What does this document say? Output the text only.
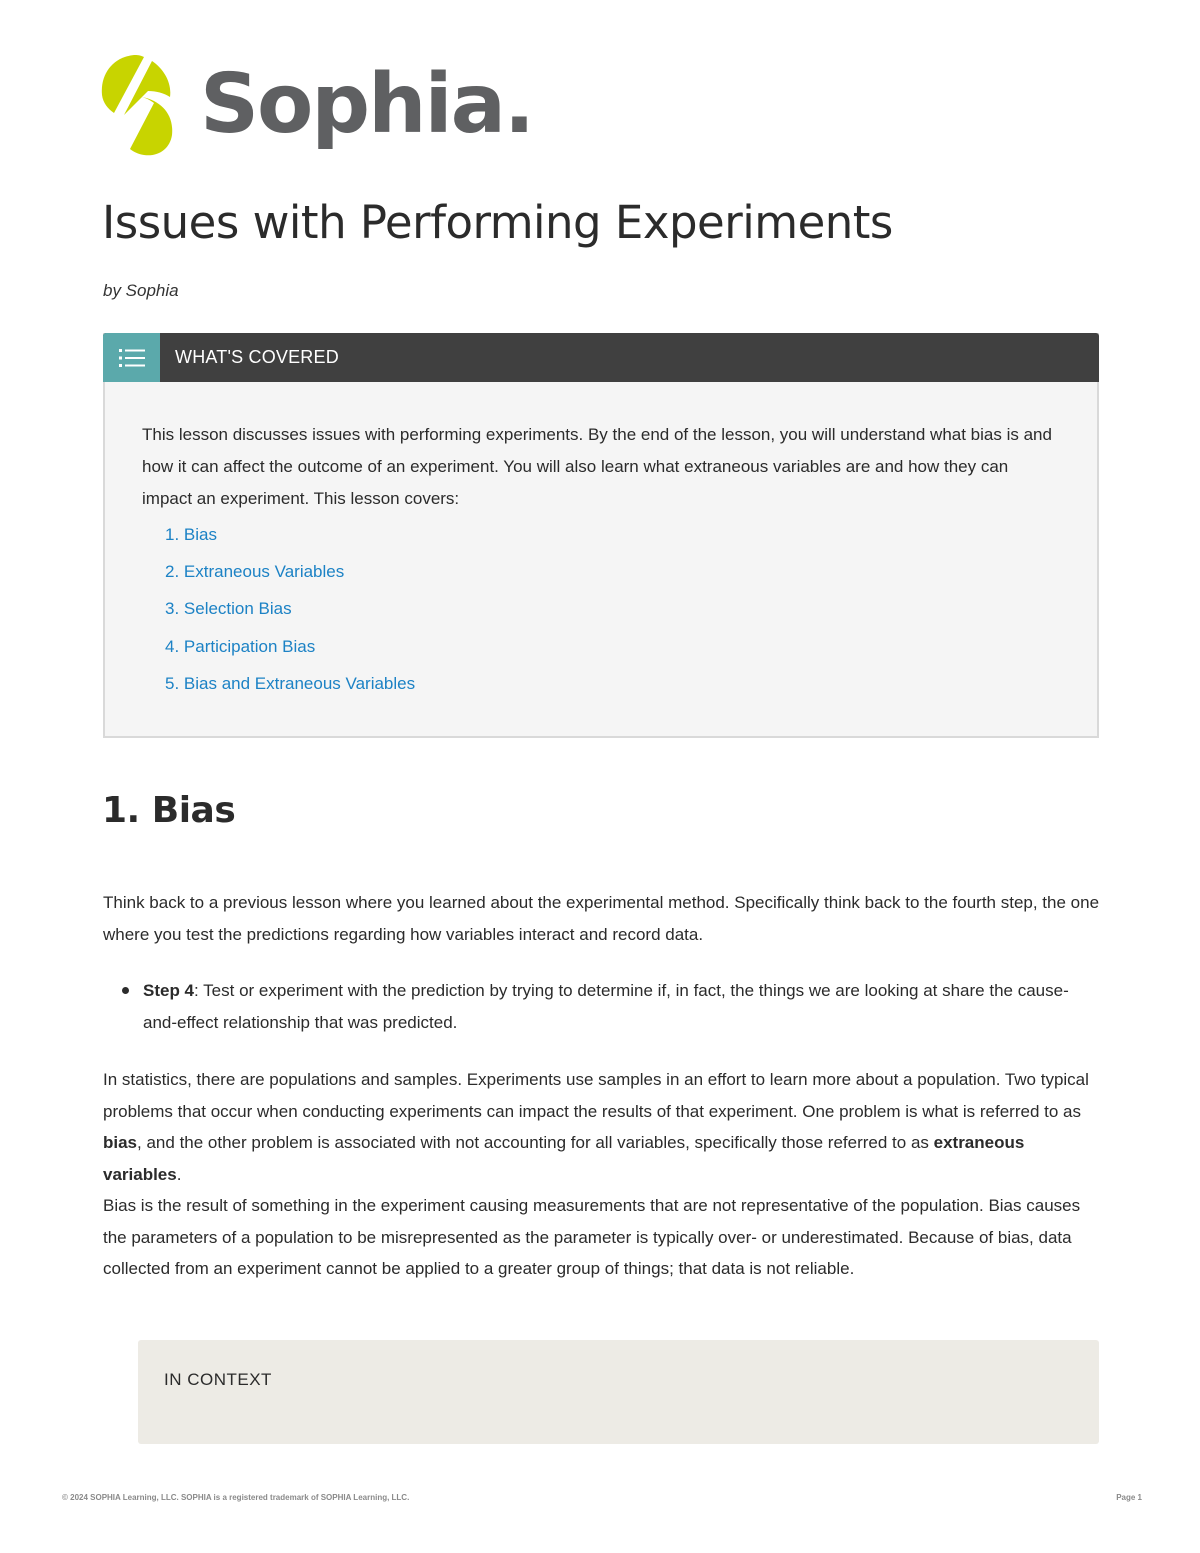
Sophia.
Issues with Performing Experiments

by Sophia

WHAT'S COVERED

This lesson discusses issues with performing experiments. By the end of the lesson, you will understand what bias is and how it can affect the outcome of an experiment. You will also learn what extraneous variables are and how they can impact an experiment. This lesson covers:

1. Bias
2. Extraneous Variables
3. Selection Bias
4. Participation Bias
5. Bias and Extraneous Variables
1. Bias

Think back to a previous lesson where you learned about the experimental method. Specifically think back to the fourth step, the one where you test the predictions regarding how variables interact and record data.

Step 4: Test or experiment with the prediction by trying to determine if, in fact, the things we are looking at share the cause-and-effect relationship that was predicted.

In statistics, there are populations and samples. Experiments use samples in an effort to learn more about a population. Two typical problems that occur when conducting experiments can impact the results of that experiment. One problem is what is referred to as bias, and the other problem is associated with not accounting for all variables, specifically those referred to as extraneous variables.

Bias is the result of something in the experiment causing measurements that are not representative of the population. Bias causes the parameters of a population to be misrepresented as the parameter is typically over- or underestimated. Because of bias, data collected from an experiment cannot be applied to a greater group of things; that data is not reliable.

IN CONTEXT
© 2024 SOPHIA Learning, LLC. SOPHIA is a registered trademark of SOPHIA Learning, LLC.	Page 1
